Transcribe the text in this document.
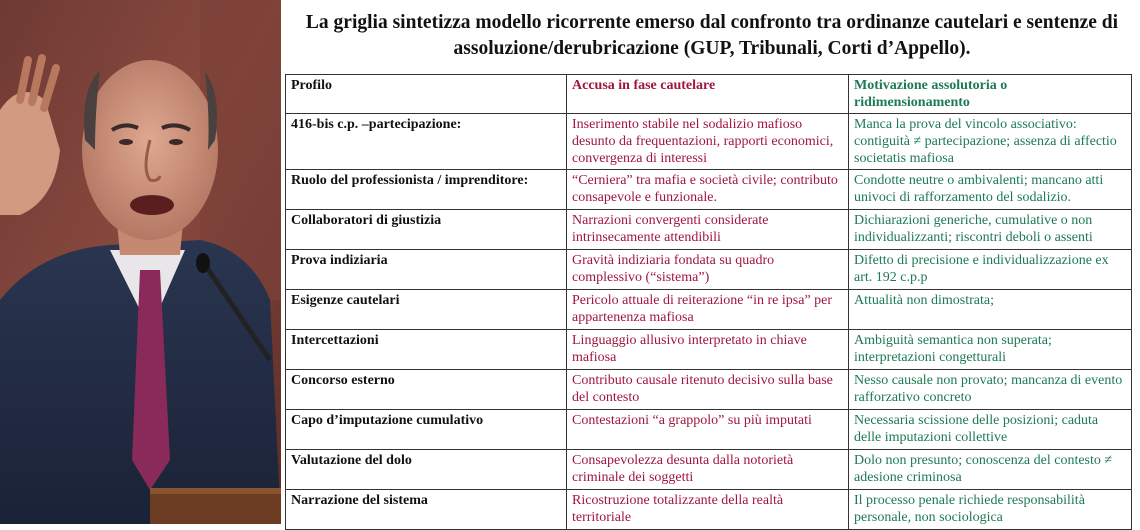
La griglia sintetizza modello ricorrente emerso dal confronto tra ordinanze cautelari e sentenze di
assoluzione/derubricazione (GUP, Tribunali, Corti d’Appello).
Profilo	Accusa in fase cautelare	Motivazione assolutoria o ridimensionamento
416-bis c.p. –partecipazione:	Inserimento stabile nel sodalizio mafioso desunto da frequentazioni, rapporti economici, convergenza di interessi	Manca la prova del vincolo associativo: contiguità ≠ partecipazione; assenza di affectio societatis mafiosa
Ruolo del professionista / imprenditore:	“Cerniera” tra mafia e società civile; contributo consapevole e funzionale.	Condotte neutre o ambivalenti; mancano atti univoci di rafforzamento del sodalizio.
Collaboratori di giustizia	Narrazioni convergenti considerate intrinsecamente attendibili	Dichiarazioni generiche, cumulative o non individualizzanti; riscontri deboli o assenti
Prova indiziaria	Gravità indiziaria fondata su quadro complessivo (“sistema”)	Difetto di precisione e individualizzazione ex art. 192 c.p.p
Esigenze cautelari	Pericolo attuale di reiterazione “in re ipsa” per appartenenza mafiosa	Attualità non dimostrata;
Intercettazioni	Linguaggio allusivo interpretato in chiave mafiosa	Ambiguità semantica non superata; interpretazioni congetturali
Concorso esterno	Contributo causale ritenuto decisivo sulla base del contesto	Nesso causale non provato; mancanza di evento rafforzativo concreto
Capo d’imputazione cumulativo	Contestazioni “a grappolo” su più imputati	Necessaria scissione delle posizioni; caduta delle imputazioni collettive
Valutazione del dolo	Consapevolezza desunta dalla notorietà criminale dei soggetti	Dolo non presunto; conoscenza del contesto ≠ adesione criminosa
Narrazione del sistema	Ricostruzione totalizzante della realtà territoriale	Il processo penale richiede responsabilità personale, non sociologica
